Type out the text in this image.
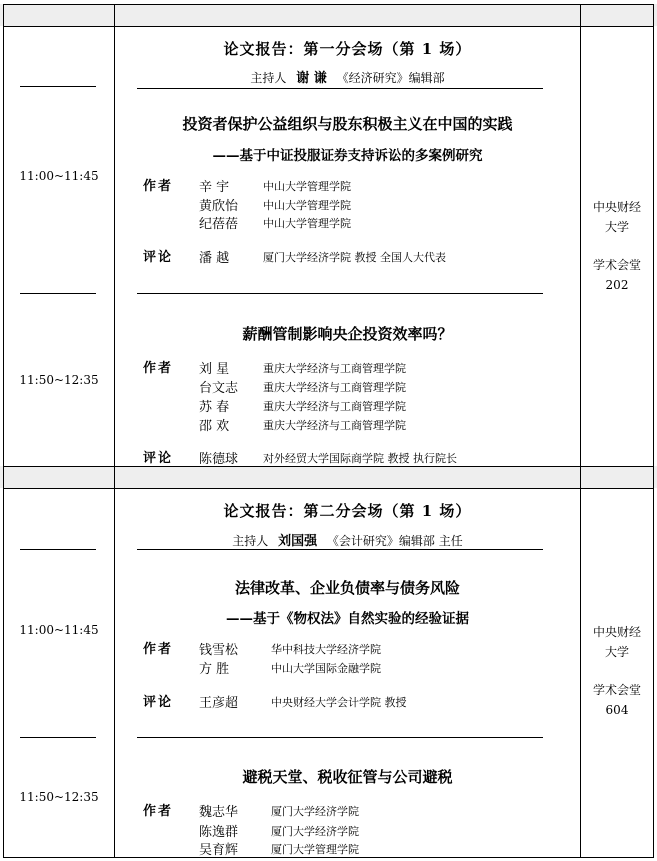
论文报告：第一分会场（第 1 场）
主持人 谢 谦 《经济研究》编辑部
11:00~11:45
投资者保护公益组织与股东积极主义在中国的实践
——基于中证投服证券支持诉讼的多案例研究
作者 辛 宇	中山大学管理学院
黄欣怡 中山大学管理学院
纪蓓蓓 中山大学管理学院
评论 潘 越	厦门大学经济学院 教授 全国人大代表
11:50~12:35
薪酬管制影响央企投资效率吗？
作者 刘 星	重庆大学经济与工商管理学院
台文志 重庆大学经济与工商管理学院
苏 春	重庆大学经济与工商管理学院
邵 欢	重庆大学经济与工商管理学院
评论 陈德球 对外经贸大学国际商学院 教授 执行院长
中央财经
大学
学术会堂
202
论文报告：第二分会场（第 1 场）
主持人 刘国强 《会计研究》编辑部 主任
11:00~11:45
法律改革、企业负债率与债务风险
——基于《物权法》自然实验的经验证据
作者 钱雪松	华中科技大学经济学院
方 胜	中山大学国际金融学院
评论 王彦超	中央财经大学会计学院 教授
11:50~12:35
避税天堂、税收征管与公司避税
作者 魏志华	厦门大学经济学院
陈逸群	厦门大学经济学院
吴育辉	厦门大学管理学院
中央财经
大学
学术会堂
604
